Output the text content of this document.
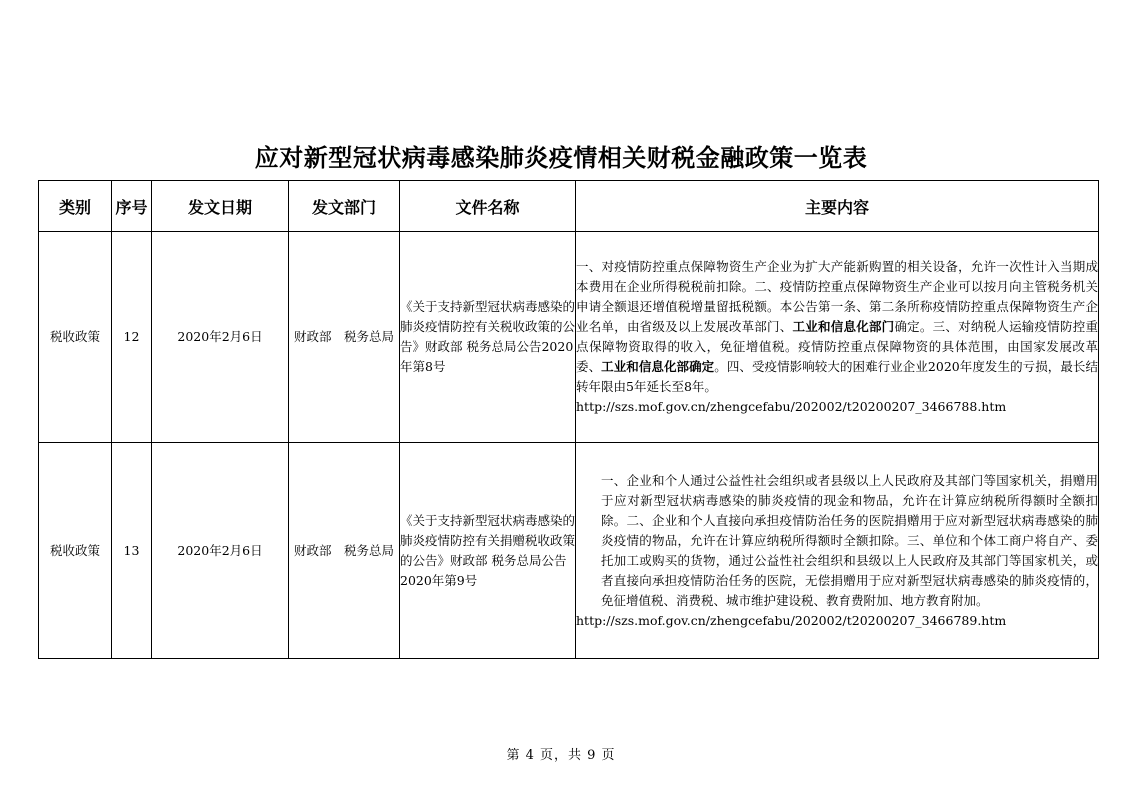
应对新型冠状病毒感染肺炎疫情相关财税金融政策一览表
类别	序号	发文日期	发文部门	文件名称	主要内容
税收政策	12	2020年2月6日	财政部　税务总局	《关于支持新型冠状病毒感染的肺炎疫情防控有关税收政策的公告》财政部 税务总局公告2020年第8号	一、对疫情防控重点保障物资生产企业为扩大产能新购置的相关设备，允许一次性计入当期成本费用在企业所得税税前扣除。二、疫情防控重点保障物资生产企业可以按月向主管税务机关申请全额退还增值税增量留抵税额。本公告第一条、第二条所称疫情防控重点保障物资生产企业名单，由省级及以上发展改革部门、工业和信息化部门确定。三、对纳税人运输疫情防控重点保障物资取得的收入，免征增值税。疫情防控重点保障物资的具体范围，由国家发展改革委、工业和信息化部确定。四、受疫情影响较大的困难行业企业2020年度发生的亏损，最长结转年限由5年延长至8年。
http://szs.mof.gov.cn/zhengcefabu/202002/t20200207_3466788.htm

税收政策	13	2020年2月6日	财政部　税务总局	《关于支持新型冠状病毒感染的肺炎疫情防控有关捐赠税收政策的公告》财政部 税务总局公告2020年第9号	一、企业和个人通过公益性社会组织或者县级以上人民政府及其部门等国家机关，捐赠用于应对新型冠状病毒感染的肺炎疫情的现金和物品，允许在计算应纳税所得额时全额扣除。二、企业和个人直接向承担疫情防治任务的医院捐赠用于应对新型冠状病毒感染的肺炎疫情的物品，允许在计算应纳税所得额时全额扣除。三、单位和个体工商户将自产、委托加工或购买的货物，通过公益性社会组织和县级以上人民政府及其部门等国家机关，或者直接向承担疫情防治任务的医院，无偿捐赠用于应对新型冠状病毒感染的肺炎疫情的，免征增值税、消费税、城市维护建设税、教育费附加、地方教育附加。
http://szs.mof.gov.cn/zhengcefabu/202002/t20200207_3466789.htm
第 4 页，共 9 页
